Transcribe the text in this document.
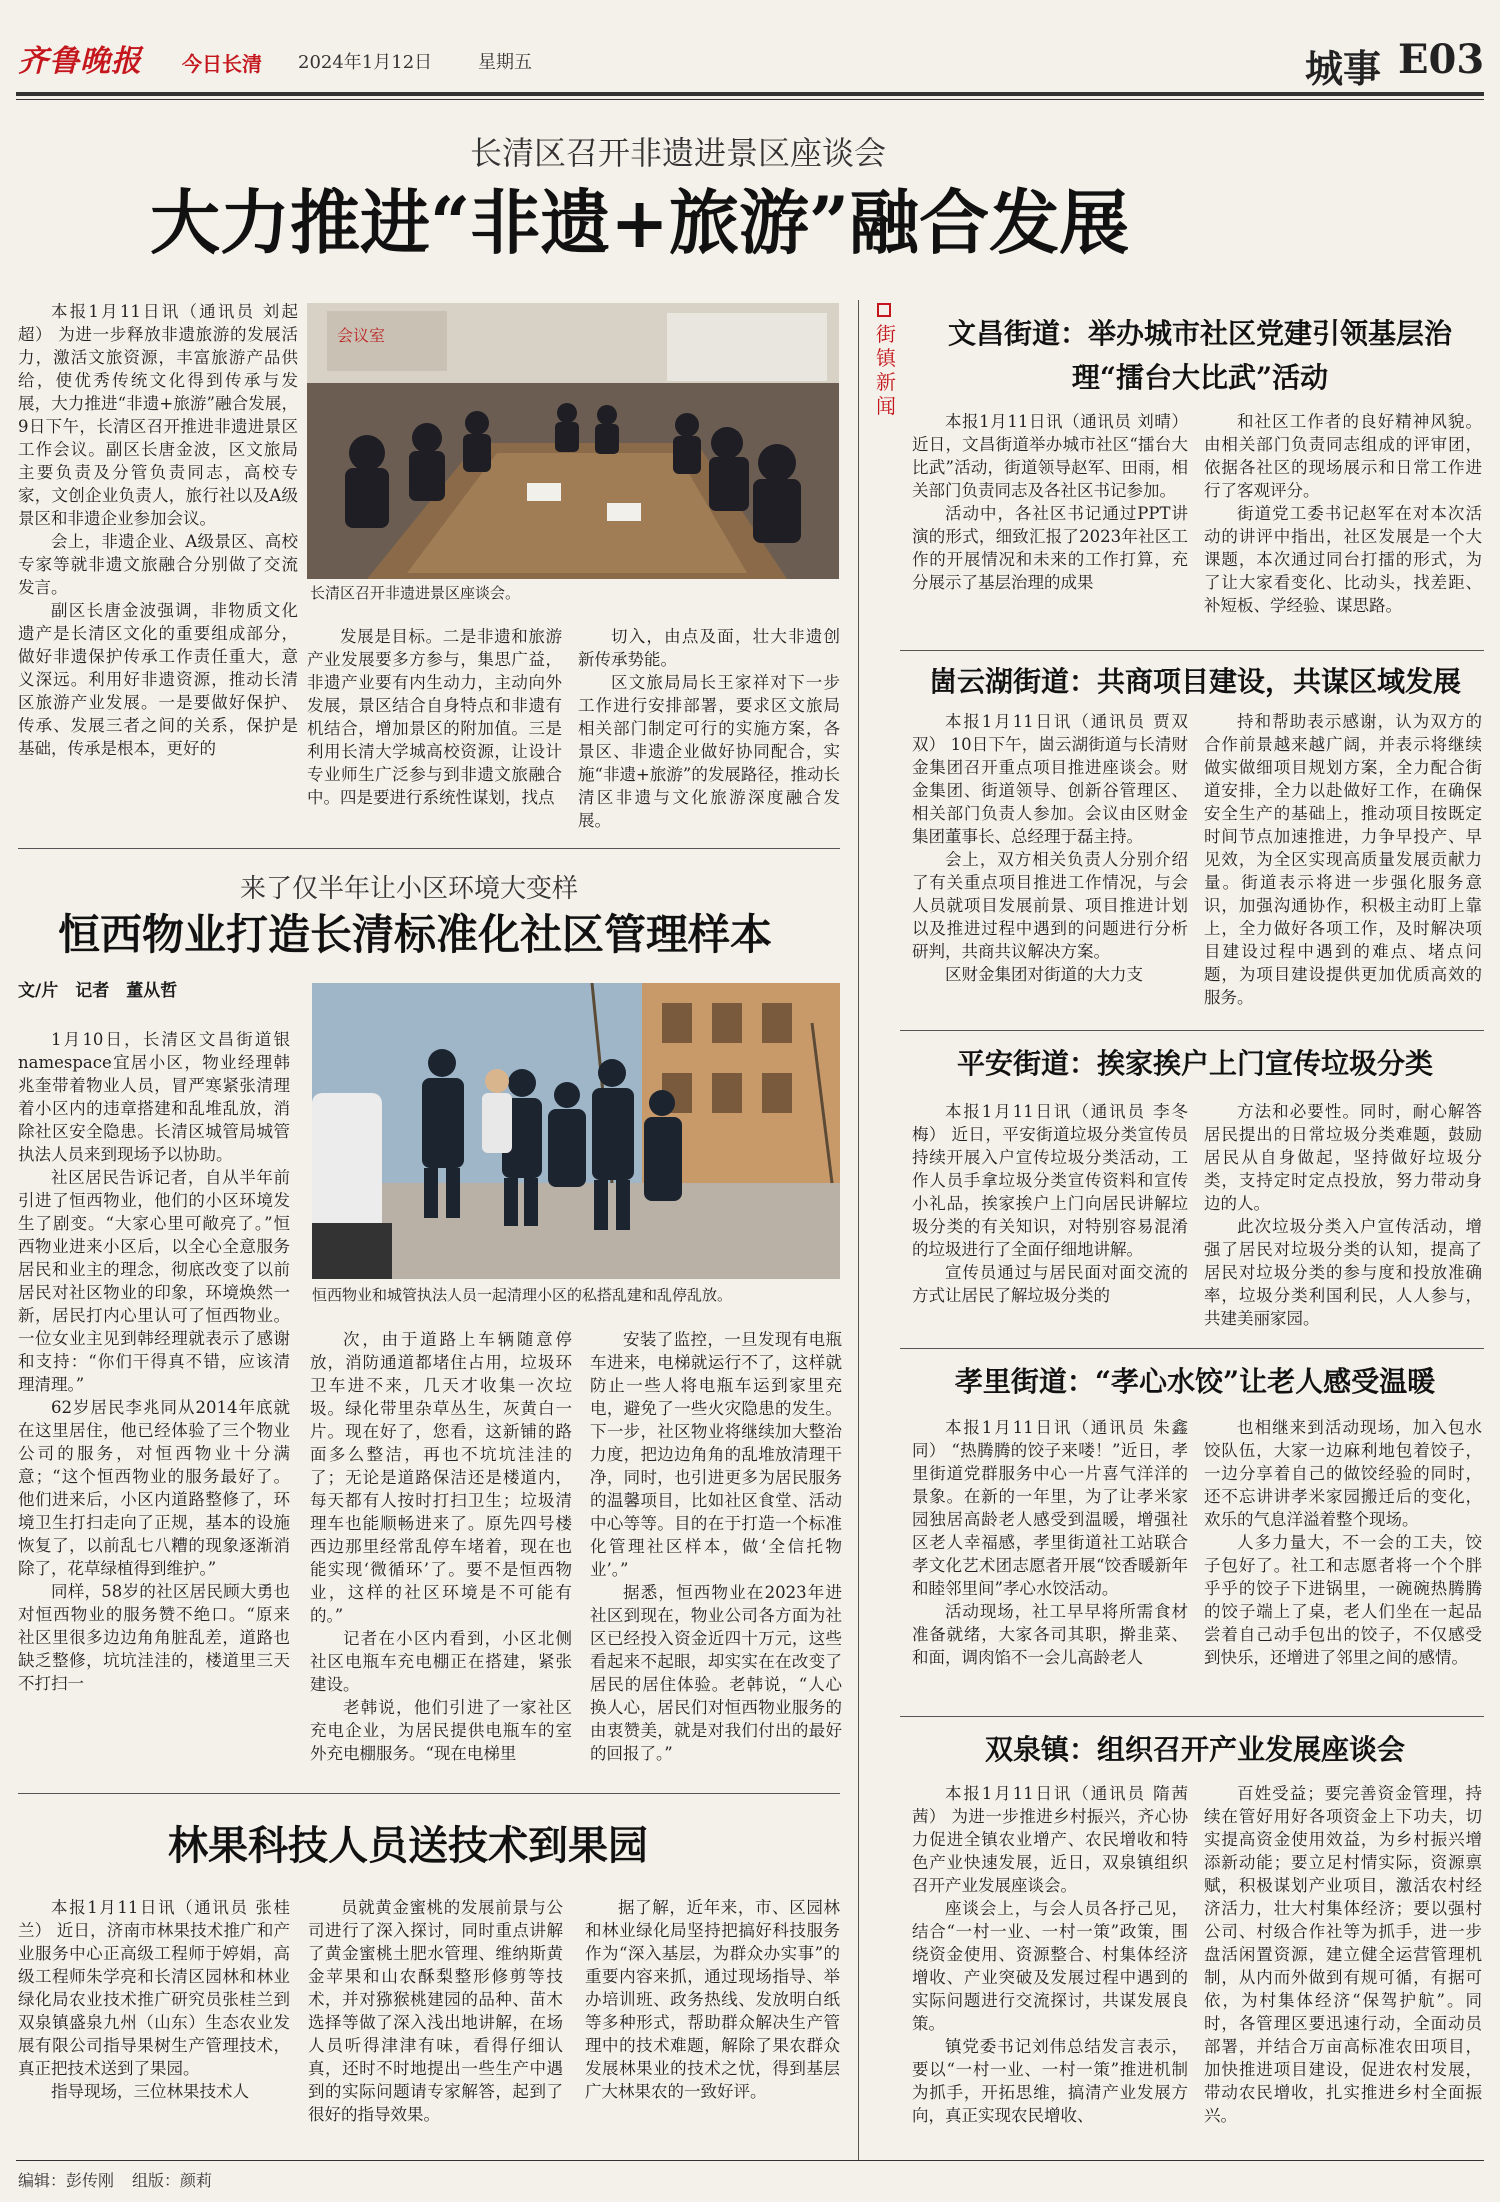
齐鲁晚报 今日长清 2024年1月12日	星期五	城事 E03
长清区召开非遗进景区座谈会
大力推进“非遗+旅游”融合发展

本报1月11日讯（通讯员 刘起超） 为进一步释放非遗旅游的发展活力，激活文旅资源，丰富旅游产品供给，使优秀传统文化得到传承与发展，大力推进“非遗+旅游”融合发展，9日下午，长清区召开推进非遗进景区工作会议。副区长唐金波，区文旅局主要负责及分管负责同志，高校专家，文创企业负责人，旅行社以及A级景区和非遗企业参加会议。

会上，非遗企业、A级景区、高校专家等就非遗文旅融合分别做了交流发言。

副区长唐金波强调，非物质文化遗产是长清区文化的重要组成部分，做好非遗保护传承工作责任重大，意义深远。利用好非遗资源，推动长清区旅游产业发展。一是要做好保护、传承、发展三者之间的关系，保护是基础，传承是根本，更好的

会议室
长清区召开非遗进景区座谈会。

发展是目标。二是非遗和旅游产业发展要多方参与，集思广益，非遗产业要有内生动力，主动向外发展，景区结合自身特点和非遗有机结合，增加景区的附加值。三是利用长清大学城高校资源，让设计专业师生广泛参与到非遗文旅融合中。四是要进行系统性谋划，找点

切入，由点及面，壮大非遗创新传承势能。

区文旅局局长王家祥对下一步工作进行安排部署，要求区文旅局相关部门制定可行的实施方案，各景区、非遗企业做好协同配合，实施“非遗+旅游”的发展路径，推动长清区非遗与文化旅游深度融合发展。

来了仅半年让小区环境大变样
恒西物业打造长清标准化社区管理样本
文/片　记者　董从哲

1月10日，长清区文昌街道银namespace宜居小区，物业经理韩兆奎带着物业人员，冒严寒紧张清理着小区内的违章搭建和乱堆乱放，消除社区安全隐患。长清区城管局城管执法人员来到现场予以协助。

社区居民告诉记者，自从半年前引进了恒西物业，他们的小区环境发生了剧变。“大家心里可敞亮了。”恒西物业进来小区后，以全心全意服务居民和业主的理念，彻底改变了以前居民对社区物业的印象，环境焕然一新，居民打内心里认可了恒西物业。一位女业主见到韩经理就表示了感谢和支持：“你们干得真不错，应该清理清理。”

62岁居民李兆同从2014年底就在这里居住，他已经体验了三个物业公司的服务，对恒西物业十分满意；“这个恒西物业的服务最好了。他们进来后，小区内道路整修了，环境卫生打扫走向了正规，基本的设施恢复了，以前乱七八糟的现象逐渐消除了，花草绿植得到维护。”

同样，58岁的社区居民顾大勇也对恒西物业的服务赞不绝口。“原来社区里很多边边角角脏乱差，道路也缺乏整修，坑坑洼洼的，楼道里三天不打扫一

恒西物业和城管执法人员一起清理小区的私搭乱建和乱停乱放。

次，由于道路上车辆随意停放，消防通道都堵住占用，垃圾环卫车进不来，几天才收集一次垃圾。绿化带里杂草丛生，灰黄白一片。现在好了，您看，这新铺的路面多么整洁，再也不坑坑洼洼的了；无论是道路保洁还是楼道内，每天都有人按时打扫卫生；垃圾清理车也能顺畅进来了。原先四号楼西边那里经常乱停车堵着，现在也能实现‘微循环’了。要不是恒西物业，这样的社区环境是不可能有的。”

记者在小区内看到，小区北侧社区电瓶车充电棚正在搭建，紧张建设。

老韩说，他们引进了一家社区充电企业，为居民提供电瓶车的室外充电棚服务。“现在电梯里

安装了监控，一旦发现有电瓶车进来，电梯就运行不了，这样就防止一些人将电瓶车运到家里充电，避免了一些火灾隐患的发生。下一步，社区物业将继续加大整治力度，把边边角角的乱堆放清理干净，同时，也引进更多为居民服务的温馨项目，比如社区食堂、活动中心等等。目的在于打造一个标准化管理社区样本，做‘全信托物业’。”

据悉，恒西物业在2023年进社区到现在，物业公司各方面为社区已经投入资金近四十万元，这些看起来不起眼，却实实在在改变了居民的居住体验。老韩说，“人心换人心，居民们对恒西物业服务的由衷赞美，就是对我们付出的最好的回报了。”

林果科技人员送技术到果园

本报1月11日讯（通讯员 张桂兰） 近日，济南市林果技术推广和产业服务中心正高级工程师于婷娟，高级工程师朱学亮和长清区园林和林业绿化局农业技术推广研究员张桂兰到双泉镇盛泉九州（山东）生态农业发展有限公司指导果树生产管理技术，真正把技术送到了果园。

指导现场，三位林果技术人

员就黄金蜜桃的发展前景与公司进行了深入探讨，同时重点讲解了黄金蜜桃土肥水管理、维纳斯黄金苹果和山农酥梨整形修剪等技术，并对猕猴桃建园的品种、苗木选择等做了深入浅出地讲解，在场人员听得津津有味，看得仔细认真，还时不时地提出一些生产中遇到的实际问题请专家解答，起到了很好的指导效果。

据了解，近年来，市、区园林和林业绿化局坚持把搞好科技服务作为“深入基层，为群众办实事”的重要内容来抓，通过现场指导、举办培训班、政务热线、发放明白纸等多种形式，帮助群众解决生产管理中的技术难题，解除了果农群众发展林果业的技术之忧，得到基层广大林果农的一致好评。

街
镇
新
闻
文昌街道：举办城市社区党建引领基层治理“擂台大比武”活动

本报1月11日讯（通讯员 刘晴） 近日，文昌街道举办城市社区“擂台大比武”活动，街道领导赵军、田雨，相关部门负责同志及各社区书记参加。

活动中，各社区书记通过PPT讲演的形式，细致汇报了2023年社区工作的开展情况和未来的工作打算，充分展示了基层治理的成果

和社区工作者的良好精神风貌。由相关部门负责同志组成的评审团，依据各社区的现场展示和日常工作进行了客观评分。

街道党工委书记赵军在对本次活动的讲评中指出，社区发展是一个大课题，本次通过同台打擂的形式，为了让大家看变化、比动头，找差距、补短板、学经验、谋思路。

崮云湖街道：共商项目建设，共谋区域发展

本报1月11日讯（通讯员 贾双双） 10日下午，崮云湖街道与长清财金集团召开重点项目推进座谈会。财金集团、街道领导、创新谷管理区、相关部门负责人参加。会议由区财金集团董事长、总经理于磊主持。

会上，双方相关负责人分别介绍了有关重点项目推进工作情况，与会人员就项目发展前景、项目推进计划以及推进过程中遇到的问题进行分析研判，共商共议解决方案。

区财金集团对街道的大力支

持和帮助表示感谢，认为双方的合作前景越来越广阔，并表示将继续做实做细项目规划方案，全力配合街道安排，全力以赴做好工作，在确保安全生产的基础上，推动项目按既定时间节点加速推进，力争早投产、早见效，为全区实现高质量发展贡献力量。街道表示将进一步强化服务意识，加强沟通协作，积极主动盯上靠上，全力做好各项工作，及时解决项目建设过程中遇到的难点、堵点问题，为项目建设提供更加优质高效的服务。

平安街道：挨家挨户上门宣传垃圾分类

本报1月11日讯（通讯员 李冬梅） 近日，平安街道垃圾分类宣传员持续开展入户宣传垃圾分类活动，工作人员手拿垃圾分类宣传资料和宣传小礼品，挨家挨户上门向居民讲解垃圾分类的有关知识，对特别容易混淆的垃圾进行了全面仔细地讲解。

宣传员通过与居民面对面交流的方式让居民了解垃圾分类的

方法和必要性。同时，耐心解答居民提出的日常垃圾分类难题，鼓励居民从自身做起，坚持做好垃圾分类，支持定时定点投放，努力带动身边的人。

此次垃圾分类入户宣传活动，增强了居民对垃圾分类的认知，提高了居民对垃圾分类的参与度和投放准确率，垃圾分类利国利民，人人参与，共建美丽家园。

孝里街道：“孝心水饺”让老人感受温暖

本报1月11日讯（通讯员 朱鑫同） “热腾腾的饺子来喽！”近日，孝里街道党群服务中心一片喜气洋洋的景象。在新的一年里，为了让孝米家园独居高龄老人感受到温暖，增强社区老人幸福感，孝里街道社工站联合孝文化艺术团志愿者开展“饺香暖新年 和睦邻里间”孝心水饺活动。

活动现场，社工早早将所需食材准备就绪，大家各司其职，擀韭菜、和面，调肉馅不一会儿高龄老人

也相继来到活动现场，加入包水饺队伍，大家一边麻利地包着饺子，一边分享着自己的做饺经验的同时，还不忘讲讲孝米家园搬迁后的变化，欢乐的气息洋溢着整个现场。

人多力量大，不一会的工夫，饺子包好了。社工和志愿者将一个个胖乎乎的饺子下进锅里，一碗碗热腾腾的饺子端上了桌，老人们坐在一起品尝着自己动手包出的饺子，不仅感受到快乐，还增进了邻里之间的感情。

双泉镇：组织召开产业发展座谈会

本报1月11日讯（通讯员 隋茜茜） 为进一步推进乡村振兴，齐心协力促进全镇农业增产、农民增收和特色产业快速发展，近日，双泉镇组织召开产业发展座谈会。

座谈会上，与会人员各抒己见，结合“一村一业、一村一策”政策，围绕资金使用、资源整合、村集体经济增收、产业突破及发展过程中遇到的实际问题进行交流探讨，共谋发展良策。

镇党委书记刘伟总结发言表示，要以“一村一业、一村一策”推进机制为抓手，开拓思维，搞清产业发展方向，真正实现农民增收、

百姓受益；要完善资金管理，持续在管好用好各项资金上下功夫，切实提高资金使用效益，为乡村振兴增添新动能；要立足村情实际，资源禀赋，积极谋划产业项目，激活农村经济活力，壮大村集体经济；要以强村公司、村级合作社等为抓手，进一步盘活闲置资源，建立健全运营管理机制，从内而外做到有规可循，有据可依，为村集体经济“保驾护航”。同时，各管理区要迅速行动，全面动员部署，并结合万亩高标准农田项目，加快推进项目建设，促进农村发展，带动农民增收，扎实推进乡村全面振兴。

编辑：彭传刚 组版：颜莉
